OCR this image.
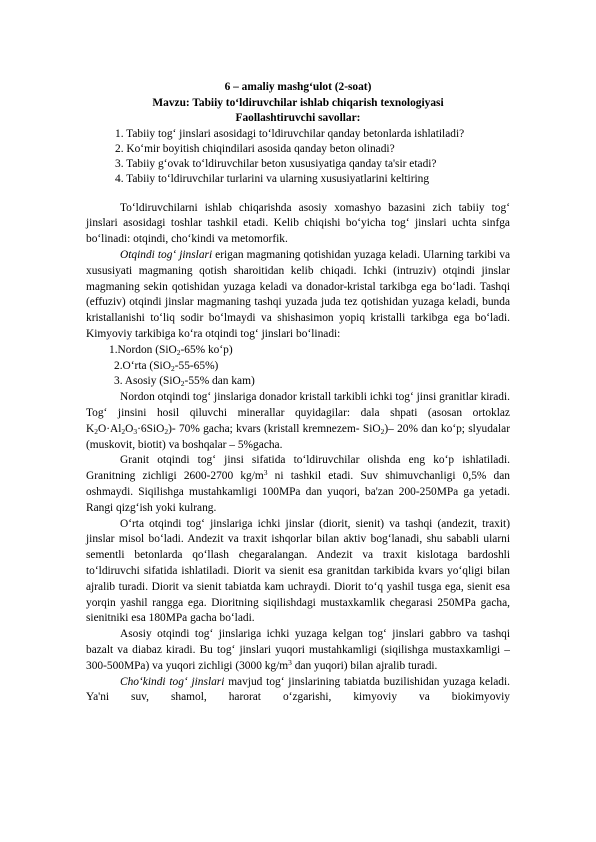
6 – amaliy mashg‘ulot (2-soat)
Mavzu: Tabiiy to‘ldiruvchilar ishlab chiqarish texnologiyasi
Faollashtiruvchi savollar:
1. Tabiiy tog‘ jinslari asosidagi to‘ldiruvchilar qanday betonlarda ishlatiladi?
2. Ko‘mir boyitish chiqindilari asosida qanday beton olinadi?
3. Tabiiy g‘ovak to‘ldiruvchilar beton xususiyatiga qanday ta'sir etadi?
4. Tabiiy to‘ldiruvchilar turlarini va ularning xususiyatlarini keltiring

To‘ldiruvchilarni ishlab chiqarishda asosiy xomashyo bazasini zich tabiiy tog‘ jinslari asosidagi toshlar tashkil etadi. Kelib chiqishi bo‘yicha tog‘ jinslari uchta sinfga bo‘linadi: otqindi, cho‘kindi va metomorfik.

Otqindi tog‘ jinslari erigan magmaning qotishidan yuzaga keladi. Ularning tarkibi va xususiyati magmaning qotish sharoitidan kelib chiqadi. Ichki (intruziv) otqindi jinslar magmaning sekin qotishidan yuzaga keladi va donador-kristal tarkibga ega bo‘ladi. Tashqi (effuziv) otqindi jinslar magmaning tashqi yuzada juda tez qotishidan yuzaga keladi, bunda kristallanishi to‘liq sodir bo‘lmaydi va shishasimon yopiq kristalli tarkibga ega bo‘ladi. Kimyoviy tarkibiga ko‘ra otqindi tog‘ jinslari bo‘linadi:

1.Nordon (SiO$_2$-65% ko‘p)
2.O‘rta (SiO$_2$-55-65%)
3. Asosiy (SiO$_2$-55% dan kam)

Nordon otqindi tog‘ jinslariga donador kristall tarkibli ichki tog‘ jinsi granitlar kiradi. Tog‘ jinsini hosil qiluvchi minerallar quyidagilar: dala shpati (asosan ortoklaz $K_2O\cdot Al_2O_3\cdot 6SiO_2)-$ 70% gacha; kvars (kristall kremnezem- SiO$_2$)– 20% dan ko‘p; slyudalar (muskovit, biotit) va boshqalar – 5%gacha.

Granit otqindi tog‘ jinsi sifatida to‘ldiruvchilar olishda eng ko‘p ishlatiladi. Granitning zichligi 2600-2700 $kg/m^3$ ni tashkil etadi. Suv shimuvchanligi 0,5% dan oshmaydi. Siqilishga mustahkamligi 100MPa dan yuqori, ba'zan 200-250MPa ga yetadi. Rangi qizg‘ish yoki kulrang.

O‘rta otqindi tog‘ jinslariga ichki jinslar (diorit, sienit) va tashqi (andezit, traxit) jinslar misol bo‘ladi. Andezit va traxit ishqorlar bilan aktiv bog‘lanadi, shu sababli ularni sementli betonlarda qo‘llash chegaralangan. Andezit va traxit kislotaga bardoshli to‘ldiruvchi sifatida ishlatiladi. Diorit va sienit esa granitdan tarkibida kvars yo‘qligi bilan ajralib turadi. Diorit va sienit tabiatda kam uchraydi. Diorit to‘q yashil tusga ega, sienit esa yorqin yashil rangga ega. Dioritning siqilishdagi mustaxkamlik chegarasi 250MPa gacha, sienitniki esa 180MPa gacha bo‘ladi.

Asosiy otqindi tog‘ jinslariga ichki yuzaga kelgan tog‘ jinslari gabbro va tashqi bazalt va diabaz kiradi. Bu tog‘ jinslari yuqori mustahkamligi (siqilishga mustaxkamligi – 300-500MPa) va yuqori zichligi (3000 $kg/m^3$ dan yuqori) bilan ajralib turadi.

Cho‘kindi tog‘ jinslari mavjud tog‘ jinslarining tabiatda buzilishidan yuzaga keladi. Ya'ni suv, shamol, harorat o‘zgarishi, kimyoviy va biokimyoviy
